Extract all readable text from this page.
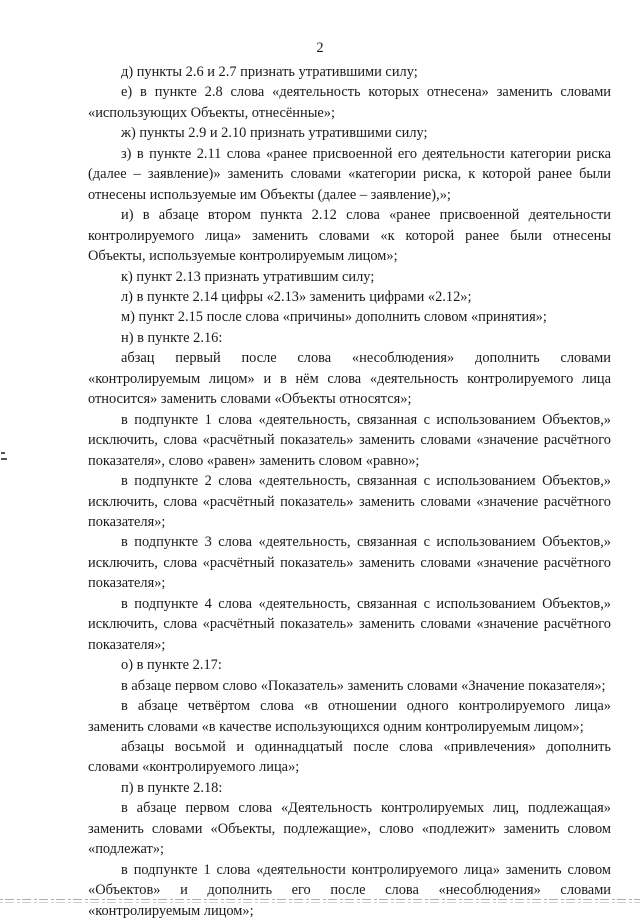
2

д) пункты 2.6 и 2.7 признать утратившими силу;

е) в пункте 2.8 слова «деятельность которых отнесена» заменить словами «использующих Объекты, отнесённые»;

ж) пункты 2.9 и 2.10 признать утратившими силу;

з) в пункте 2.11 слова «ранее присвоенной его деятельности категории риска (далее – заявление)» заменить словами «категории риска, к которой ранее были отнесены используемые им Объекты (далее – заявление),»;

и) в абзаце втором пункта 2.12 слова «ранее присвоенной деятельности контролируемого лица» заменить словами «к которой ранее были отнесены Объекты, используемые контролируемым лицом»;

к) пункт 2.13 признать утратившим силу;

л) в пункте 2.14 цифры «2.13» заменить цифрами «2.12»;

м) пункт 2.15 после слова «причины» дополнить словом «принятия»;

н) в пункте 2.16:

абзац первый после слова «несоблюдения» дополнить словами «контролируемым лицом» и в нём слова «деятельность контролируемого лица относится» заменить словами «Объекты относятся»;

в подпункте 1 слова «деятельность, связанная с использованием Объектов,» исключить, слова «расчётный показатель» заменить словами «значение расчётного показателя», слово «равен» заменить словом «равно»;

в подпункте 2 слова «деятельность, связанная с использованием Объектов,» исключить, слова «расчётный показатель» заменить словами «значение расчётного показателя»;

в подпункте 3 слова «деятельность, связанная с использованием Объектов,» исключить, слова «расчётный показатель» заменить словами «значение расчётного показателя»;

в подпункте 4 слова «деятельность, связанная с использованием Объектов,» исключить, слова «расчётный показатель» заменить словами «значение расчётного показателя»;

о) в пункте 2.17:

в абзаце первом слово «Показатель» заменить словами «Значение показателя»;

в абзаце четвёртом слова «в отношении одного контролируемого лица» заменить словами «в качестве использующихся одним контролируемым лицом»;

абзацы восьмой и одиннадцатый после слова «привлечения» дополнить словами «контролируемого лица»;

п) в пункте 2.18:

в абзаце первом слова «Деятельность контролируемых лиц, подлежащая» заменить словами «Объекты, подлежащие», слово «подлежит» заменить словом «подлежат»;

в подпункте 1 слова «деятельности контролируемого лица» заменить словом «Объектов» и дополнить его после слова «несоблюдения» словами «контролируемым лицом»;
